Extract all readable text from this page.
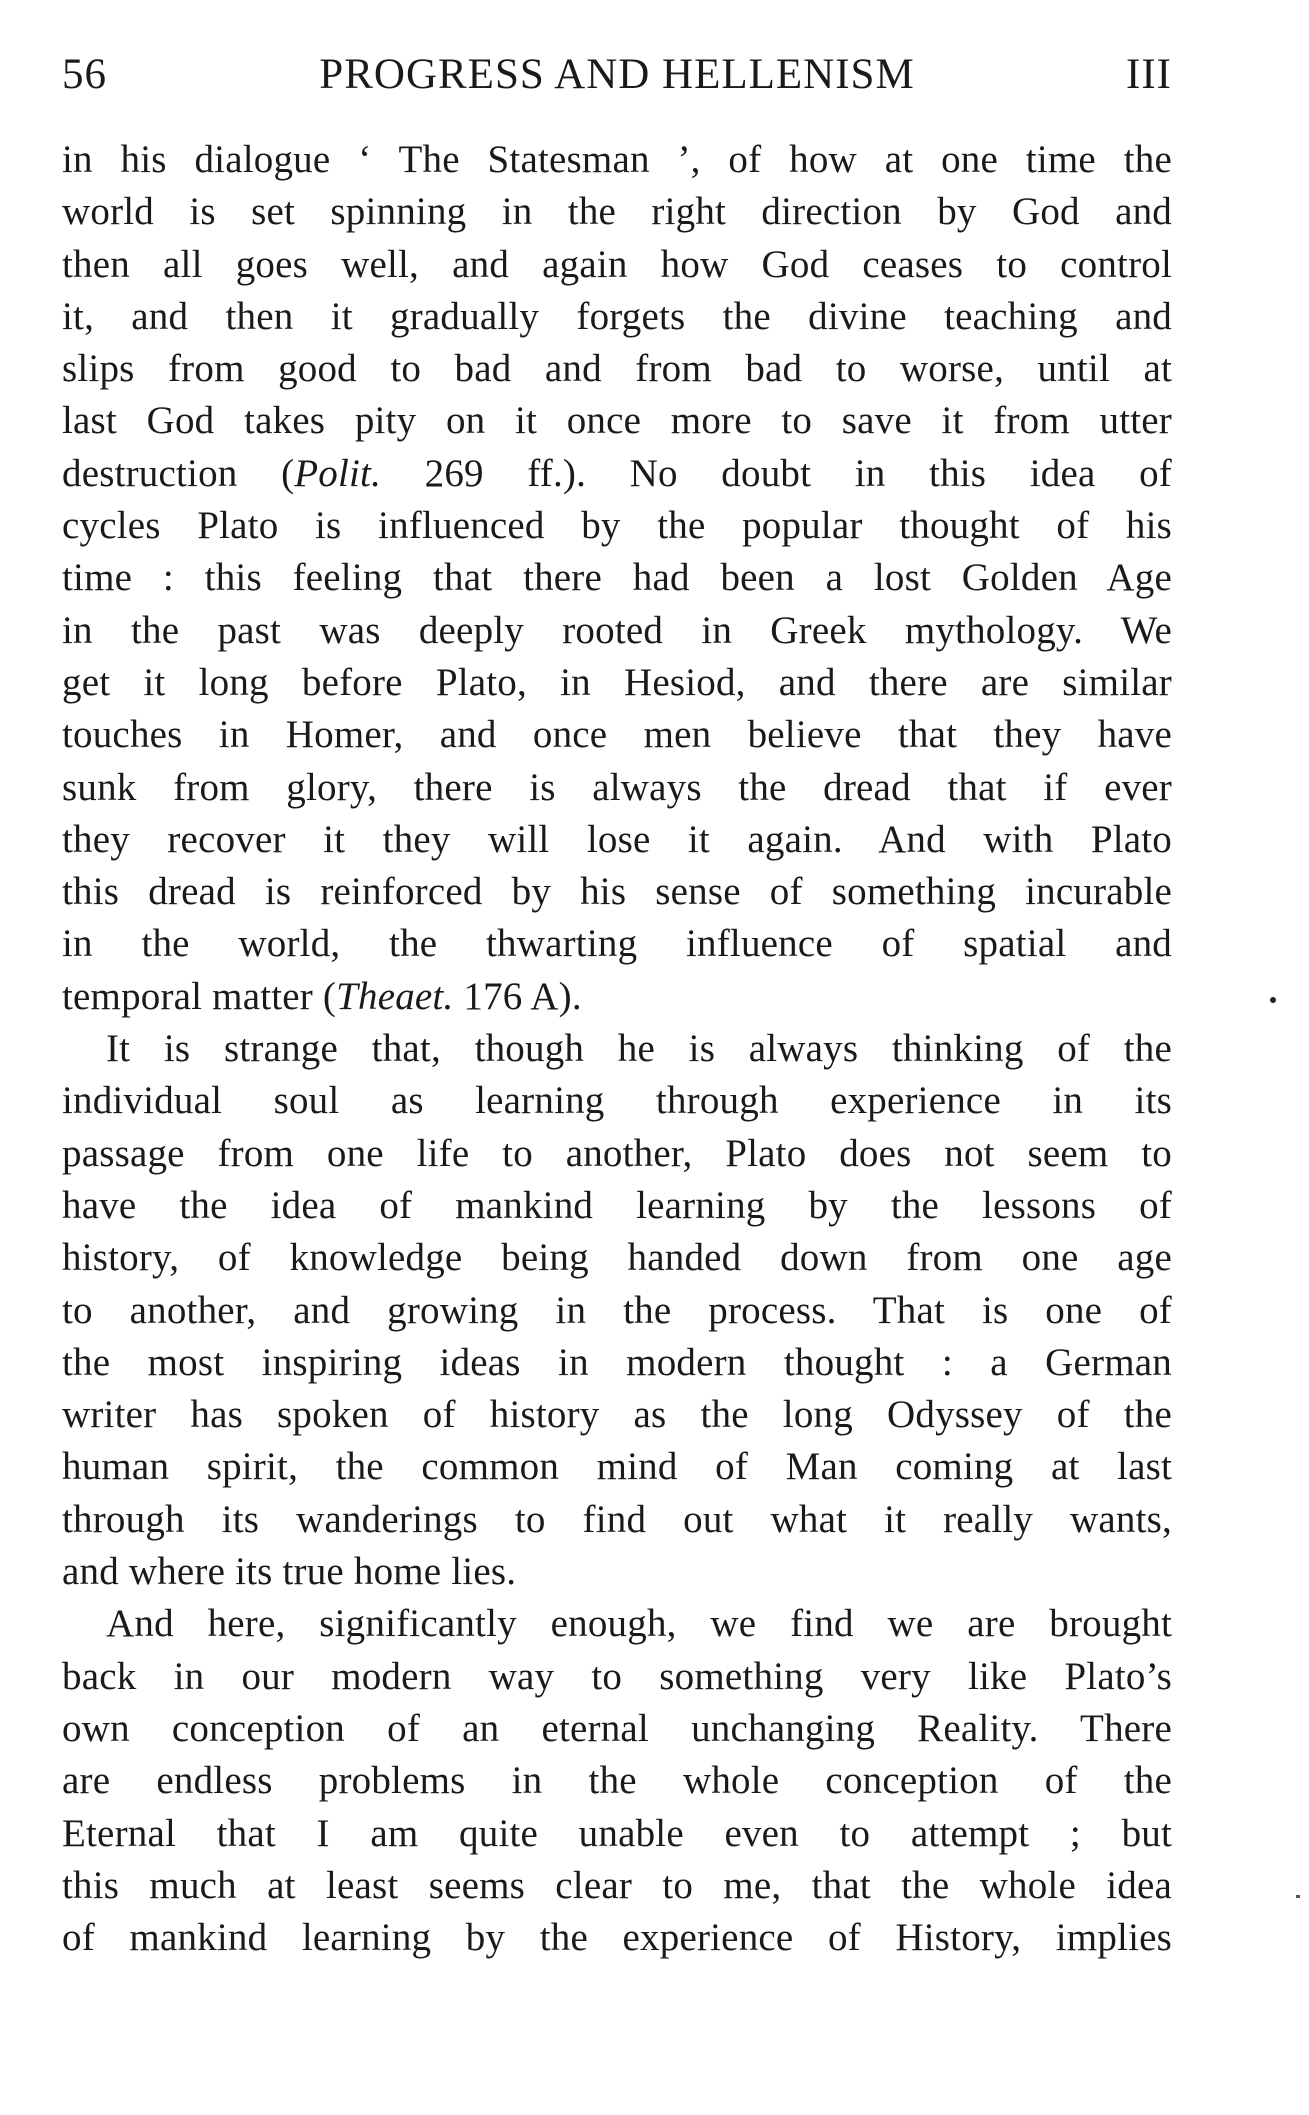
56	PROGRESS AND HELLENISM	III

in his dialogue ‘ The Statesman ’, of how at one time the
world is set spinning in the right direction by God and
then all goes well, and again how God ceases to control
it, and then it gradually forgets the divine teaching and
slips from good to bad and from bad to worse, until at
last God takes pity on it once more to save it from utter
destruction (Polit. 269 ff.). No doubt in this idea of
cycles Plato is influenced by the popular thought of his
time : this feeling that there had been a lost Golden Age
in the past was deeply rooted in Greek mythology. We
get it long before Plato, in Hesiod, and there are similar
touches in Homer, and once men believe that they have
sunk from glory, there is always the dread that if ever
they recover it they will lose it again. And with Plato
this dread is reinforced by his sense of something incurable
in the world, the thwarting influence of spatial and
temporal matter (Theaet. 176 A).

It is strange that, though he is always thinking of the
individual soul as learning through experience in its
passage from one life to another, Plato does not seem to
have the idea of mankind learning by the lessons of
history, of knowledge being handed down from one age
to another, and growing in the process. That is one of
the most inspiring ideas in modern thought : a German
writer has spoken of history as the long Odyssey of the
human spirit, the common mind of Man coming at last
through its wanderings to find out what it really wants,
and where its true home lies.

And here, significantly enough, we find we are brought
back in our modern way to something very like Plato’s
own conception of an eternal unchanging Reality. There
are endless problems in the whole conception of the
Eternal that I am quite unable even to attempt ; but
this much at least seems clear to me, that the whole idea
of mankind learning by the experience of History, implies
